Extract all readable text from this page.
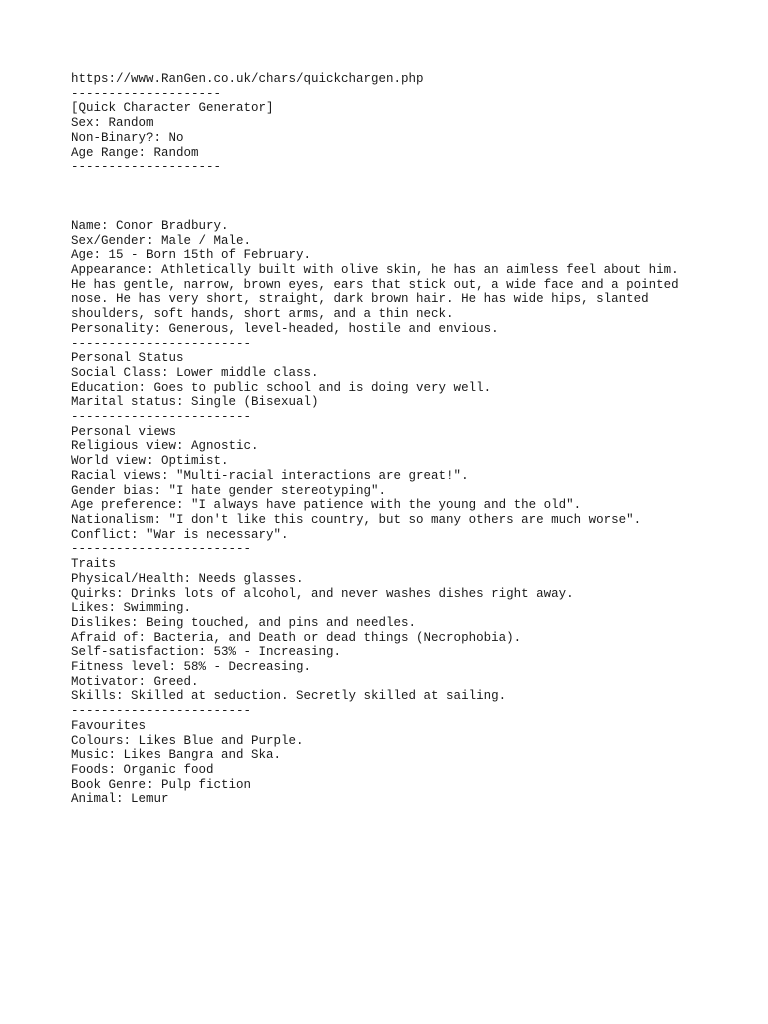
https://www.RanGen.co.uk/chars/quickchargen.php
--------------------
[Quick Character Generator]
Sex: Random
Non-Binary?: No
Age Range: Random
--------------------
Name: Conor Bradbury.
Sex/Gender: Male / Male.
Age: 15 - Born 15th of February.
Appearance: Athletically built with olive skin, he has an aimless feel about him.
He has gentle, narrow, brown eyes, ears that stick out, a wide face and a pointed
nose. He has very short, straight, dark brown hair. He has wide hips, slanted
shoulders, soft hands, short arms, and a thin neck.
Personality: Generous, level-headed, hostile and envious.
------------------------
Personal Status
Social Class: Lower middle class.
Education: Goes to public school and is doing very well.
Marital status: Single (Bisexual)
------------------------
Personal views
Religious view: Agnostic.
World view: Optimist.
Racial views: "Multi-racial interactions are great!".
Gender bias: "I hate gender stereotyping".
Age preference: "I always have patience with the young and the old".
Nationalism: "I don't like this country, but so many others are much worse".
Conflict: "War is necessary".
------------------------
Traits
Physical/Health: Needs glasses.
Quirks: Drinks lots of alcohol, and never washes dishes right away.
Likes: Swimming.
Dislikes: Being touched, and pins and needles.
Afraid of: Bacteria, and Death or dead things (Necrophobia).
Self-satisfaction: 53% - Increasing.
Fitness level: 58% - Decreasing.
Motivator: Greed.
Skills: Skilled at seduction. Secretly skilled at sailing.
------------------------
Favourites
Colours: Likes Blue and Purple.
Music: Likes Bangra and Ska.
Foods: Organic food
Book Genre: Pulp fiction
Animal: Lemur
